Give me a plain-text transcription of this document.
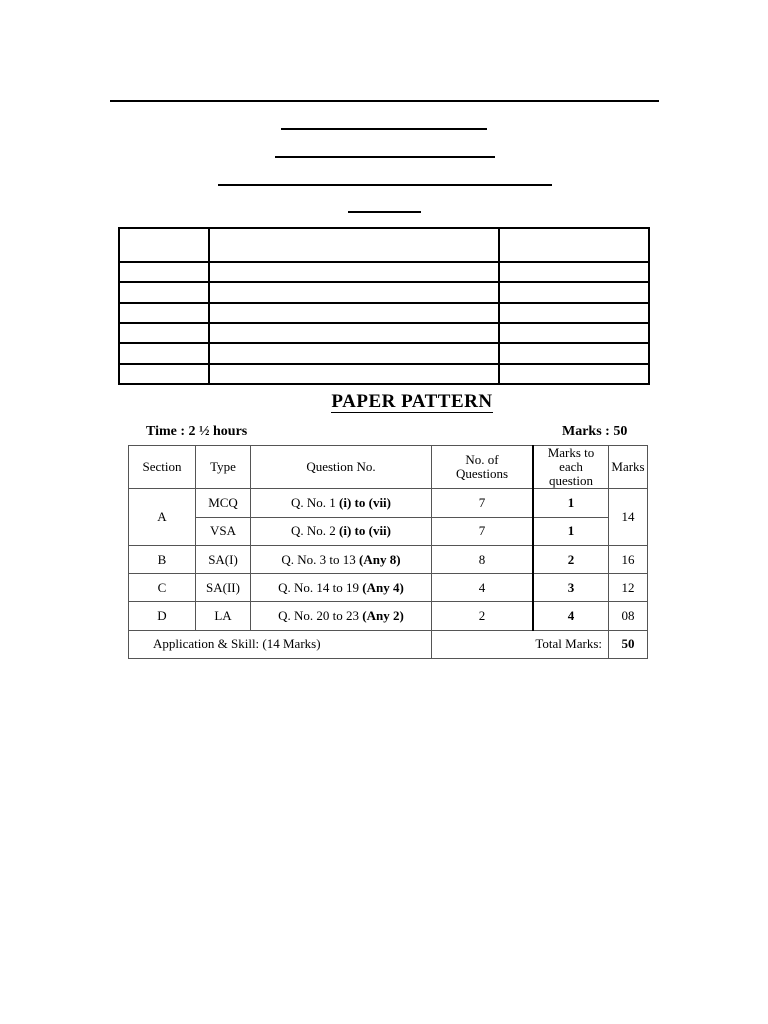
PAPER PATTERN
Time : 2 ½ hours	Marks : 50
Section	Type	Question No.	No. of Questions	Marks to each question	Marks
A	MCQ	Q. No. 1 (i) to (vii)	7	1	14
	VSA	Q. No. 2 (i) to (vii)	7	1	
B	SA(I)	Q. No. 3 to 13 (Any 8)	8	2	16
C	SA(II)	Q. No. 14 to 19 (Any 4)	4	3	12
D	LA	Q. No. 20 to 23 (Any 2)	2	4	08
Application & Skill: (14 Marks)			Total Marks:		50
